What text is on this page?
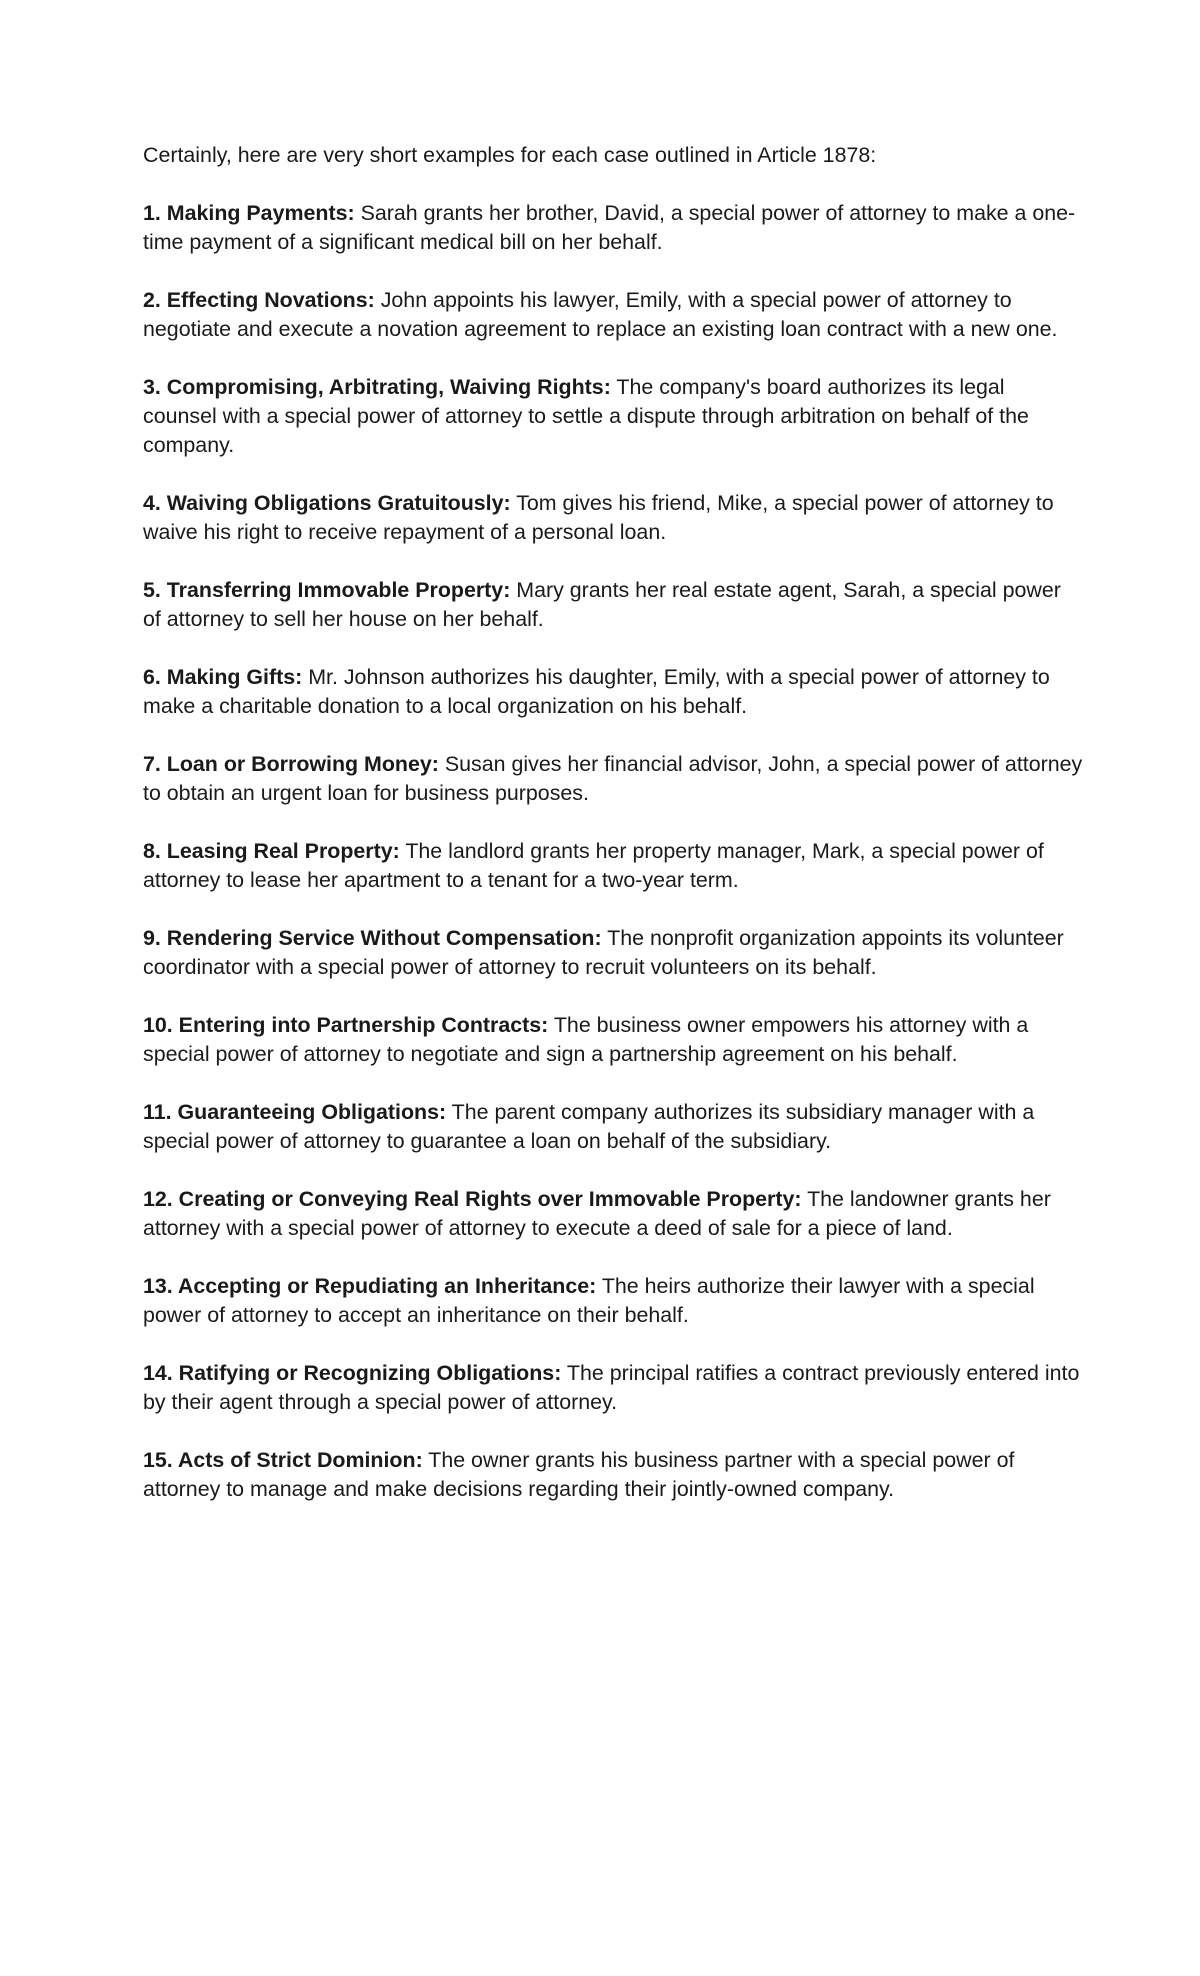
Certainly, here are very short examples for each case outlined in Article 1878:

1. Making Payments: Sarah grants her brother, David, a special power of attorney to make a one-time payment of a significant medical bill on her behalf.

2. Effecting Novations: John appoints his lawyer, Emily, with a special power of attorney to negotiate and execute a novation agreement to replace an existing loan contract with a new one.

3. Compromising, Arbitrating, Waiving Rights: The company's board authorizes its legal counsel with a special power of attorney to settle a dispute through arbitration on behalf of the company.

4. Waiving Obligations Gratuitously: Tom gives his friend, Mike, a special power of attorney to waive his right to receive repayment of a personal loan.

5. Transferring Immovable Property: Mary grants her real estate agent, Sarah, a special power of attorney to sell her house on her behalf.

6. Making Gifts: Mr. Johnson authorizes his daughter, Emily, with a special power of attorney to make a charitable donation to a local organization on his behalf.

7. Loan or Borrowing Money: Susan gives her financial advisor, John, a special power of attorney to obtain an urgent loan for business purposes.

8. Leasing Real Property: The landlord grants her property manager, Mark, a special power of attorney to lease her apartment to a tenant for a two-year term.

9. Rendering Service Without Compensation: The nonprofit organization appoints its volunteer coordinator with a special power of attorney to recruit volunteers on its behalf.

10. Entering into Partnership Contracts: The business owner empowers his attorney with a special power of attorney to negotiate and sign a partnership agreement on his behalf.

11. Guaranteeing Obligations: The parent company authorizes its subsidiary manager with a special power of attorney to guarantee a loan on behalf of the subsidiary.

12. Creating or Conveying Real Rights over Immovable Property: The landowner grants her attorney with a special power of attorney to execute a deed of sale for a piece of land.

13. Accepting or Repudiating an Inheritance: The heirs authorize their lawyer with a special power of attorney to accept an inheritance on their behalf.

14. Ratifying or Recognizing Obligations: The principal ratifies a contract previously entered into by their agent through a special power of attorney.

15. Acts of Strict Dominion: The owner grants his business partner with a special power of attorney to manage and make decisions regarding their jointly-owned company.
